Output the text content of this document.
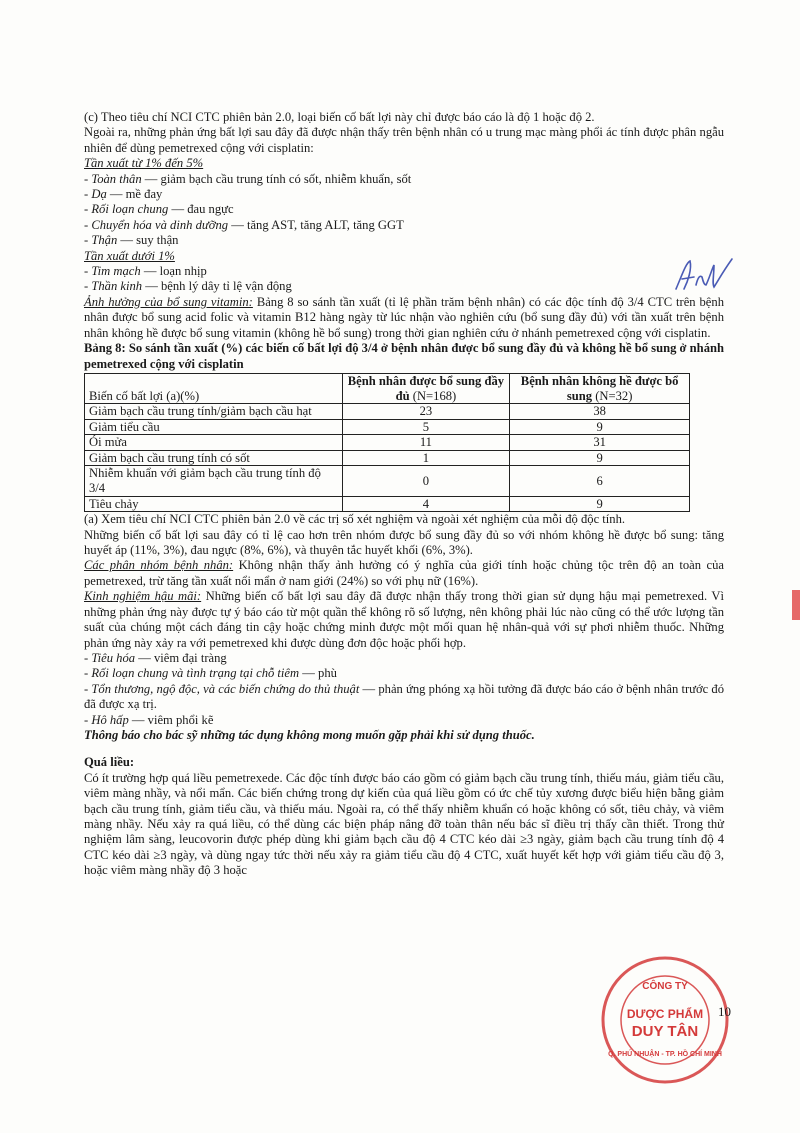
(c) Theo tiêu chí NCI CTC phiên bản 2.0, loại biến cố bất lợi này chỉ được báo cáo là độ 1 hoặc độ 2.

Ngoài ra, những phản ứng bất lợi sau đây đã được nhận thấy trên bệnh nhân có u trung mạc màng phổi ác tính được phân ngẫu nhiên để dùng pemetrexed cộng với cisplatin:

Tần xuất từ 1% đến 5%
- Toàn thân — giảm bạch cầu trung tính có sốt, nhiễm khuẩn, sốt
- Dạ — mề đay
- Rối loạn chung — đau ngực
- Chuyển hóa và dinh dưỡng — tăng AST, tăng ALT, tăng GGT
- Thận — suy thận
Tần xuất dưới 1%
- Tim mạch — loạn nhịp
- Thần kinh — bệnh lý dây tỉ lệ vận động

Ảnh hưởng của bổ sung vitamin: Bảng 8 so sánh tần xuất (tỉ lệ phần trăm bệnh nhân) có các độc tính độ 3/4 CTC trên bệnh nhân được bổ sung acid folic và vitamin B12 hàng ngày từ lúc nhận vào nghiên cứu (bổ sung đầy đủ) với tần xuất trên bệnh nhân không hề được bổ sung vitamin (không hề bổ sung) trong thời gian nghiên cứu ở nhánh pemetrexed cộng với cisplatin.

Bảng 8: So sánh tần xuất (%) các biến cố bất lợi độ 3/4 ở bệnh nhân được bổ sung đầy đủ và không hề bổ sung ở nhánh pemetrexed cộng với cisplatin

Biến cố bất lợi (a)(%)	Bệnh nhân được bổ sung đầy đủ (N=168)	Bệnh nhân không hề được bổ sung (N=32)
Giảm bạch cầu trung tính/giảm bạch cầu hạt	23	38
Giảm tiểu cầu	5	9
Ói mửa	11	31
Giảm bạch cầu trung tính có sốt	1	9
Nhiễm khuẩn với giảm bạch cầu trung tính độ 3/4	0	6
Tiêu chảy	4	9

(a) Xem tiêu chí NCI CTC phiên bản 2.0 về các trị số xét nghiệm và ngoài xét nghiệm của mỗi độ độc tính.

Những biến cố bất lợi sau đây có tỉ lệ cao hơn trên nhóm được bổ sung đầy đủ so với nhóm không hề được bổ sung: tăng huyết áp (11%, 3%), đau ngực (8%, 6%), và thuyên tắc huyết khối (6%, 3%).

Các phân nhóm bệnh nhân: Không nhận thấy ảnh hưởng có ý nghĩa của giới tính hoặc chủng tộc trên độ an toàn của pemetrexed, trừ tăng tần xuất nổi mẩn ở nam giới (24%) so với phụ nữ (16%).

Kinh nghiệm hậu mãi: Những biến cố bất lợi sau đây đã được nhận thấy trong thời gian sử dụng hậu mại pemetrexed. Vì những phản ứng này được tự ý báo cáo từ một quần thể không rõ số lượng, nên không phải lúc nào cũng có thể ước lượng tần suất của chúng một cách đáng tin cậy hoặc chứng minh được một mối quan hệ nhân-quả với sự phơi nhiễm thuốc. Những phản ứng này xảy ra với pemetrexed khi được dùng đơn độc hoặc phối hợp.

- Tiêu hóa — viêm đại tràng
- Rối loạn chung và tình trạng tại chỗ tiêm — phù

- Tổn thương, ngộ độc, và các biến chứng do thủ thuật — phản ứng phóng xạ hồi tưởng đã được báo cáo ở bệnh nhân trước đó đã được xạ trị.

- Hô hấp — viêm phổi kẽ

Thông báo cho bác sỹ những tác dụng không mong muốn gặp phải khi sử dụng thuốc.

Quá liều:

Có ít trường hợp quá liều pemetrexede. Các độc tính được báo cáo gồm có giảm bạch cầu trung tính, thiếu máu, giảm tiểu cầu, viêm màng nhầy, và nổi mẩn. Các biến chứng trong dự kiến của quá liều gồm có ức chế tủy xương được biểu hiện bằng giảm bạch cầu trung tính, giảm tiểu cầu, và thiếu máu. Ngoài ra, có thể thấy nhiễm khuẩn có hoặc không có sốt, tiêu chảy, và viêm màng nhầy. Nếu xảy ra quá liều, có thể dùng các biện pháp nâng đỡ toàn thân nếu bác sĩ điều trị thấy cần thiết. Trong thử nghiệm lâm sàng, leucovorin được phép dùng khi giảm bạch cầu độ 4 CTC kéo dài ≥3 ngày, giảm bạch cầu trung tính độ 4 CTC kéo dài ≥3 ngày, và dùng ngay tức thời nếu xảy ra giảm tiểu cầu độ 4 CTC, xuất huyết kết hợp với giảm tiểu cầu độ 3, hoặc viêm màng nhầy độ 3 hoặc

CÔNG TY
DƯỢC PHẨM
DUY TÂN
Q. PHÚ NHUẬN - TP. HỒ CHÍ MINH
10
